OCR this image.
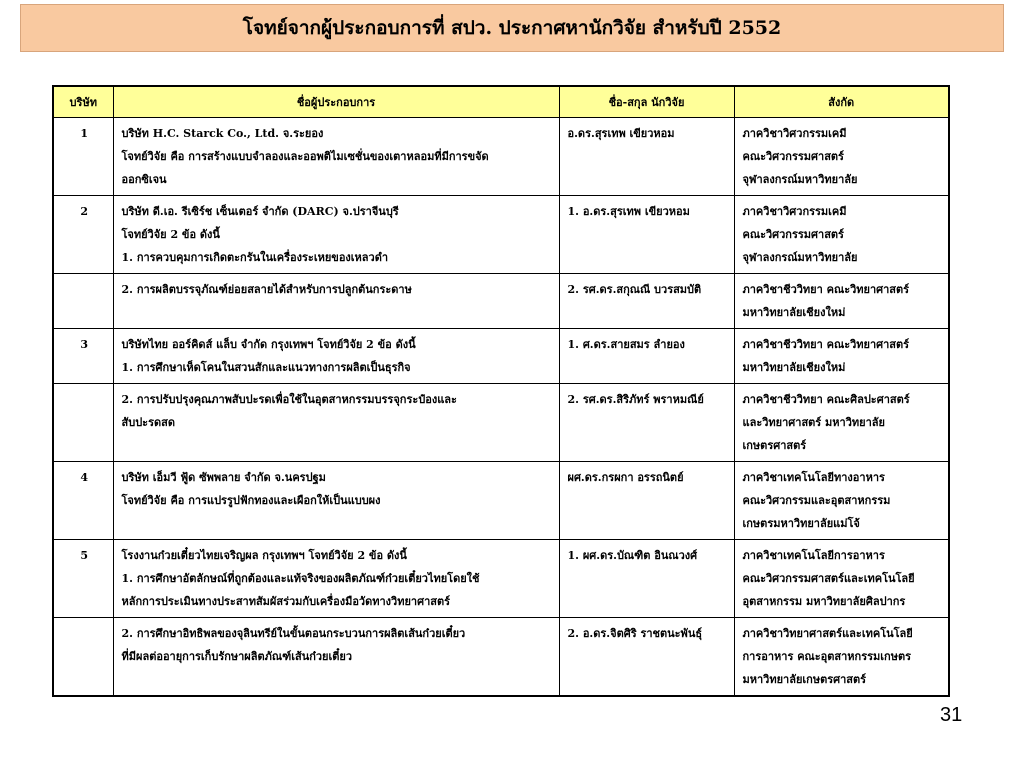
โจทย์จากผู้ประกอบการที่ สปว. ประกาศหานักวิจัย สำหรับปี 2552
บริษัท	ชื่อผู้ประกอบการ	ชื่อ-สกุล นักวิจัย	สังกัด
1	บริษัท H.C. Starck Co., Ltd. จ.ระยอง
โจทย์วิจัย คือ การสร้างแบบจำลองและออพติไมเซชั่นของเตาหลอมที่มีการขจัด
ออกซิเจน	อ.ดร.สุรเทพ เขียวหอม	ภาควิชาวิศวกรรมเคมี
คณะวิศวกรรมศาสตร์
จุฬาลงกรณ์มหาวิทยาลัย

2	บริษัท ดี.เอ. รีเซิร์ช เซ็นเตอร์ จำกัด (DARC) จ.ปราจีนบุรี
โจทย์วิจัย 2 ข้อ ดังนี้
1. การควบคุมการเกิดตะกรันในเครื่องระเหยของเหลวดำ	1. อ.ดร.สุรเทพ เขียวหอม	ภาควิชาวิศวกรรมเคมี
คณะวิศวกรรมศาสตร์
จุฬาลงกรณ์มหาวิทยาลัย

	2. การผลิตบรรจุภัณฑ์ย่อยสลายได้สำหรับการปลูกต้นกระดาษ	2. รศ.ดร.สกุณณี บวรสมบัติ	ภาควิชาชีววิทยา คณะวิทยาศาสตร์
มหาวิทยาลัยเชียงใหม่

3	บริษัทไทย ออร์คิดส์ แล็บ จำกัด กรุงเทพฯ โจทย์วิจัย 2 ข้อ ดังนี้
1. การศึกษาเห็ดโคนในสวนสักและแนวทางการผลิตเป็นธุรกิจ	1. ศ.ดร.สายสมร ลำยอง	ภาควิชาชีววิทยา คณะวิทยาศาสตร์
มหาวิทยาลัยเชียงใหม่

	2. การปรับปรุงคุณภาพสับปะรดเพื่อใช้ในอุตสาหกรรมบรรจุกระป๋องและ
สับปะรดสด	2. รศ.ดร.สิริภัทร์ พราหมณีย์	ภาควิชาชีววิทยา คณะศิลปะศาสตร์
และวิทยาศาสตร์ มหาวิทยาลัย
เกษตรศาสตร์

4	บริษัท เอ็มวี ฟู้ด ซัพพลาย จำกัด จ.นครปฐม
โจทย์วิจัย คือ การแปรรูปฟักทองและเผือกให้เป็นแบบผง	ผศ.ดร.กรผกา อรรถนิตย์	ภาควิชาเทคโนโลยีทางอาหาร
คณะวิศวกรรมและอุตสาหกรรม
เกษตรมหาวิทยาลัยแม่โจ้

5	โรงงานก๋วยเตี๋ยวไทยเจริญผล กรุงเทพฯ โจทย์วิจัย 2 ข้อ ดังนี้
1. การศึกษาอัตลักษณ์ที่ถูกต้องและแท้จริงของผลิตภัณฑ์ก๋วยเตี๋ยวไทยโดยใช้
หลักการประเมินทางประสาทสัมผัสร่วมกับเครื่องมือวัดทางวิทยาศาสตร์	1. ผศ.ดร.บัณฑิต อินณวงศ์	ภาควิชาเทคโนโลยีการอาหาร
คณะวิศวกรรมศาสตร์และเทคโนโลยี
อุตสาหกรรม มหาวิทยาลัยศิลปากร

	2. การศึกษาอิทธิพลของจุลินทรีย์ในขั้นตอนกระบวนการผลิตเส้นก๋วยเตี๋ยว
ที่มีผลต่ออายุการเก็บรักษาผลิตภัณฑ์เส้นก๋วยเตี๋ยว	2. อ.ดร.จิตศิริ ราชตนะพันธุ์	ภาควิชาวิทยาศาสตร์และเทคโนโลยี
การอาหาร คณะอุตสาหกรรมเกษตร
มหาวิทยาลัยเกษตรศาสตร์
31
